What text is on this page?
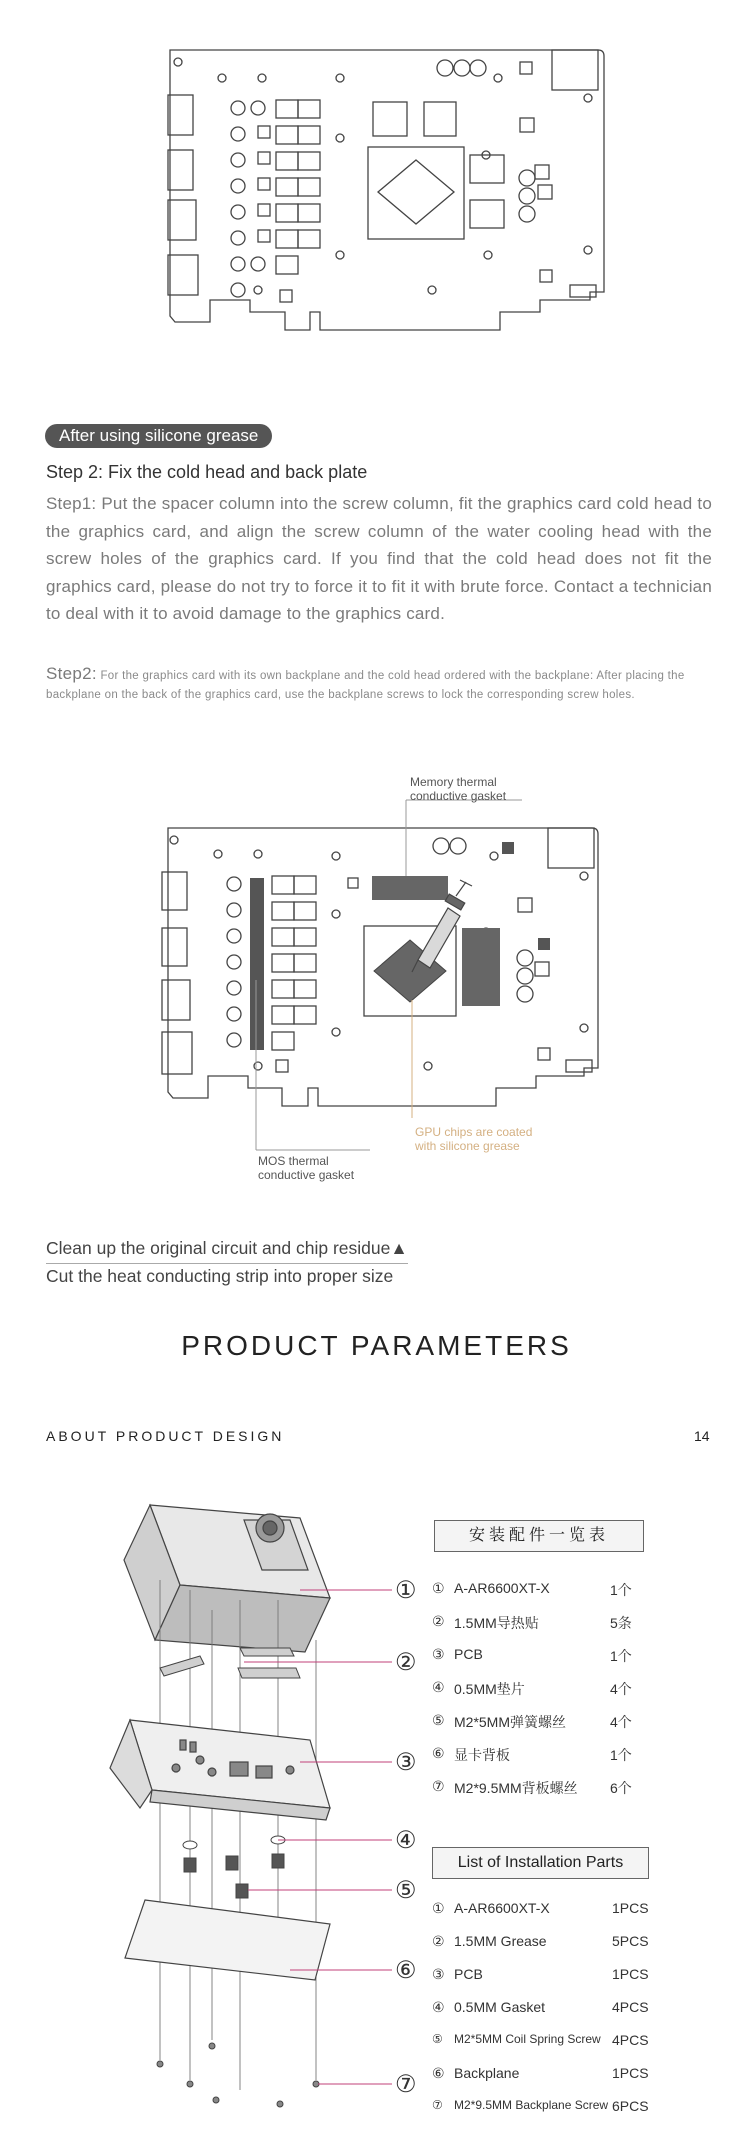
After using silicone grease
Step 2: Fix the cold head and back plate
Step1: Put the spacer column into the screw column, fit the graphics card cold head to the graphics card, and align the screw column of the water cooling head with the screw holes of the graphics card. If you find that the cold head does not fit the graphics card, please do not try to force it to fit it with brute force. Contact a technician to deal with it to avoid damage to the graphics card.
Step2: For the graphics card with its own backplane and the cold head ordered with the backplane: After placing the backplane on the back of the graphics card, use the backplane screws to lock the corresponding screw holes.
Memory thermal conductive gasket
GPU chips are coated with silicone grease
MOS thermal conductive gasket
Clean up the original circuit and chip residue▲
Cut the heat conducting strip into proper size
PRODUCT PARAMETERS
ABOUT PRODUCT DESIGN	14
①
②
③
④
⑤
⑥
⑦
安装配件一览表
① A-AR6600XT-X	1个
② 1.5MM导热贴	5条
③ PCB	1个
④ 0.5MM垫片	4个
⑤ M2*5MM弹簧螺丝	4个
⑥ 显卡背板	1个
⑦ M2*9.5MM背板螺丝 6个
List of Installation Parts
① A-AR6600XT-X	1PCS
② 1.5MM Grease	5PCS
③ PCB	1PCS
④ 0.5MM Gasket	4PCS
⑤ M2*5MM Coil Spring Screw 4PCS
⑥ Backplane	1PCS
⑦ M2*9.5MM Backplane Screw 6PCS
